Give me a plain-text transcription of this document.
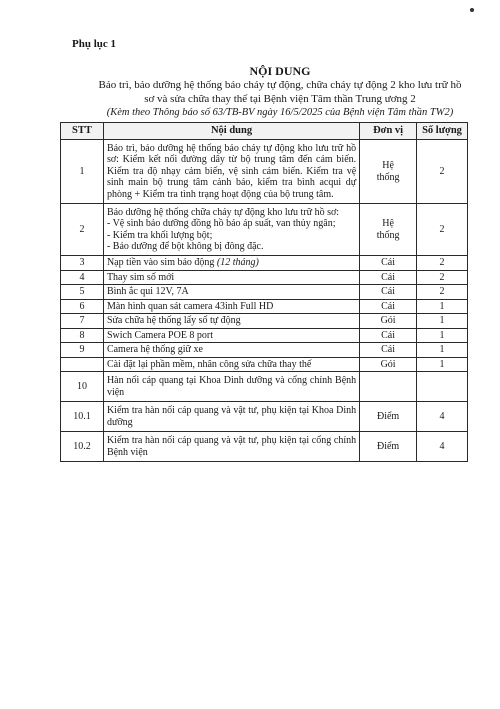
Phụ lục 1
NỘI DUNG
Bảo trì, bảo dưỡng hệ thống báo cháy tự động, chữa cháy tự động 2 kho lưu trữ hồ
sơ và sửa chữa thay thế tại Bệnh viện Tâm thần Trung ương 2
(Kèm theo Thông báo số 63/TB-BV ngày 16/5/2025 của Bệnh viện Tâm thần TW2)
STT	Nội dung	Đơn vị	Số lượng
1	Bảo trì, bảo dưỡng hệ thống báo cháy tự động kho lưu trữ hồ sơ: Kiểm kết nối đường dây từ bộ trung tâm đến cảm biến. Kiểm tra độ nhạy cảm biến, vệ sinh cảm biến. Kiểm tra vệ sinh main bộ trung tâm cảnh báo, kiểm tra bình acqui dự phòng + Kiểm tra tình trạng hoạt động của bộ trung tâm.	Hệ
thống	2
2	Bảo dưỡng hệ thống chữa cháy tự động kho lưu trữ hồ sơ:
- Vệ sinh bảo dưỡng đồng hồ báo áp suất, van thủy ngân;
- Kiểm tra khối lượng bột;
- Bảo dưỡng để bột không bị đông đặc.	Hệ
thống	2
3	Nạp tiền vào sim báo động (12 tháng)	Cái	2
4	Thay sim số mới	Cái	2
5	Bình ắc qui 12V, 7A	Cái	2
6	Màn hình quan sát camera 43inh Full HD	Cái	1
7	Sửa chữa hệ thống lấy số tự động	Gói	1
8	Swich Camera POE 8 port	Cái	1
9	Camera hệ thống giữ xe	Cái	1
	Cài đặt lại phần mềm, nhân công sửa chữa thay thế	Gói	1
10	Hàn nối cáp quang tại Khoa Dinh dưỡng và cổng chính Bệnh viện		
10.1	Kiểm tra hàn nối cáp quang và vật tư, phụ kiện tại Khoa Dinh dưỡng	Điểm	4
10.2	Kiểm tra hàn nối cáp quang và vật tư, phụ kiện tại cổng chính Bệnh viện	Điểm	4
